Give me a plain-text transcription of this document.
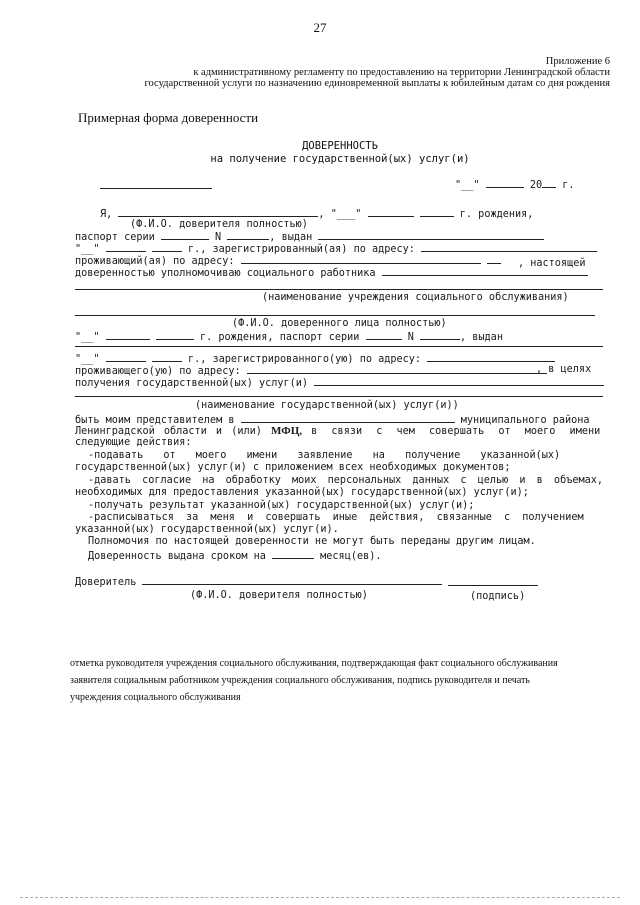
27
Приложение 6
к административному регламенту по предоставлению на территории Ленинградской области
государственной услуги по назначению единовременной выплаты к юбилейным датам со дня рождения
Примерная форма доверенности
ДОВЕРЕННОСТЬ
на получение государственной(ых) услуг(и)
"__"	20 г.
Я,	, "___"	г. рождения,
(Ф.И.О. доверителя полностью)
паспорт серии	N	, выдан
"__"	г., зарегистрированный(ая) по адресу:
проживающий(ая) по адресу:
доверенностью уполномочиваю социального работника
, настоящей
(наименование учреждения социального обслуживания)
(Ф.И.О. доверенного лица полностью)
"__"	г. рождения, паспорт серии	N	, выдан
"__"	г., зарегистрированного(ую) по адресу:
проживающего(ую) по адресу:	, в целях
получения государственной(ых) услуг(и)
(наименование государственной(ых) услуг(и))
быть моим представителем в	муниципального района
Ленинградской области и (или) МФЦ, в связи с чем совершать от моего имени
следующие действия:
-подавать от моего имени заявление на получение указанной(ых)
государственной(ых) услуг(и) с приложением всех необходимых документов;
-давать согласие на обработку моих персональных данных с целью и в объемах,
необходимых для предоставления указанной(ых) государственной(ых) услуг(и);
-получать результат указанной(ых) государственной(ых) услуг(и);
-расписываться за меня и совершать иные действия, связанные с получением
указанной(ых) государственной(ых) услуг(и).
Полномочия по настоящей доверенности не могут быть переданы другим лицам.
Доверенность выдана сроком на	месяц(ев).
Доверитель
(Ф.И.О. доверителя полностью)	(подпись)
отметка руководителя учреждения социального обслуживания, подтверждающая факт социального обслуживания
заявителя социальным работником учреждения социального обслуживания, подпись руководителя и печать
учреждения социального обслуживания
